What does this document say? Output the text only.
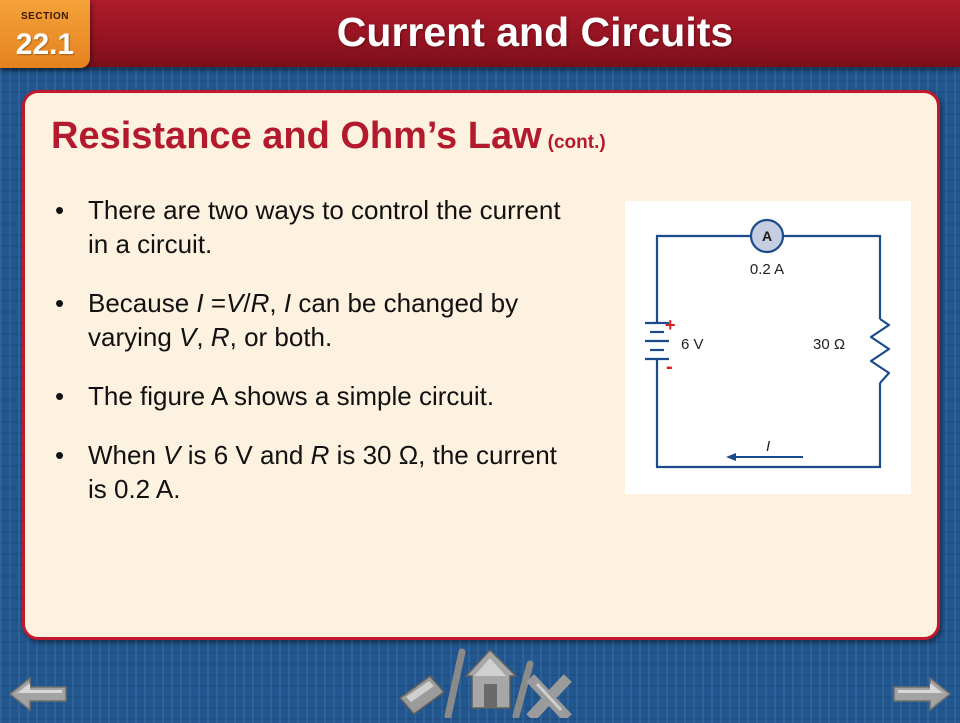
SECTION
22.1	Current and Circuits
Resistance and Ohm’s Law (cont.)
• There are two ways to control the current in a circuit.
• Because I =V/R, I can be changed by varying V, R, or both.
• The figure A shows a simple circuit.
• When V is 6 V and R is 30 Ω, the current is 0.2 A.
+
-
6 V
A
0.2 A
30 Ω
I
